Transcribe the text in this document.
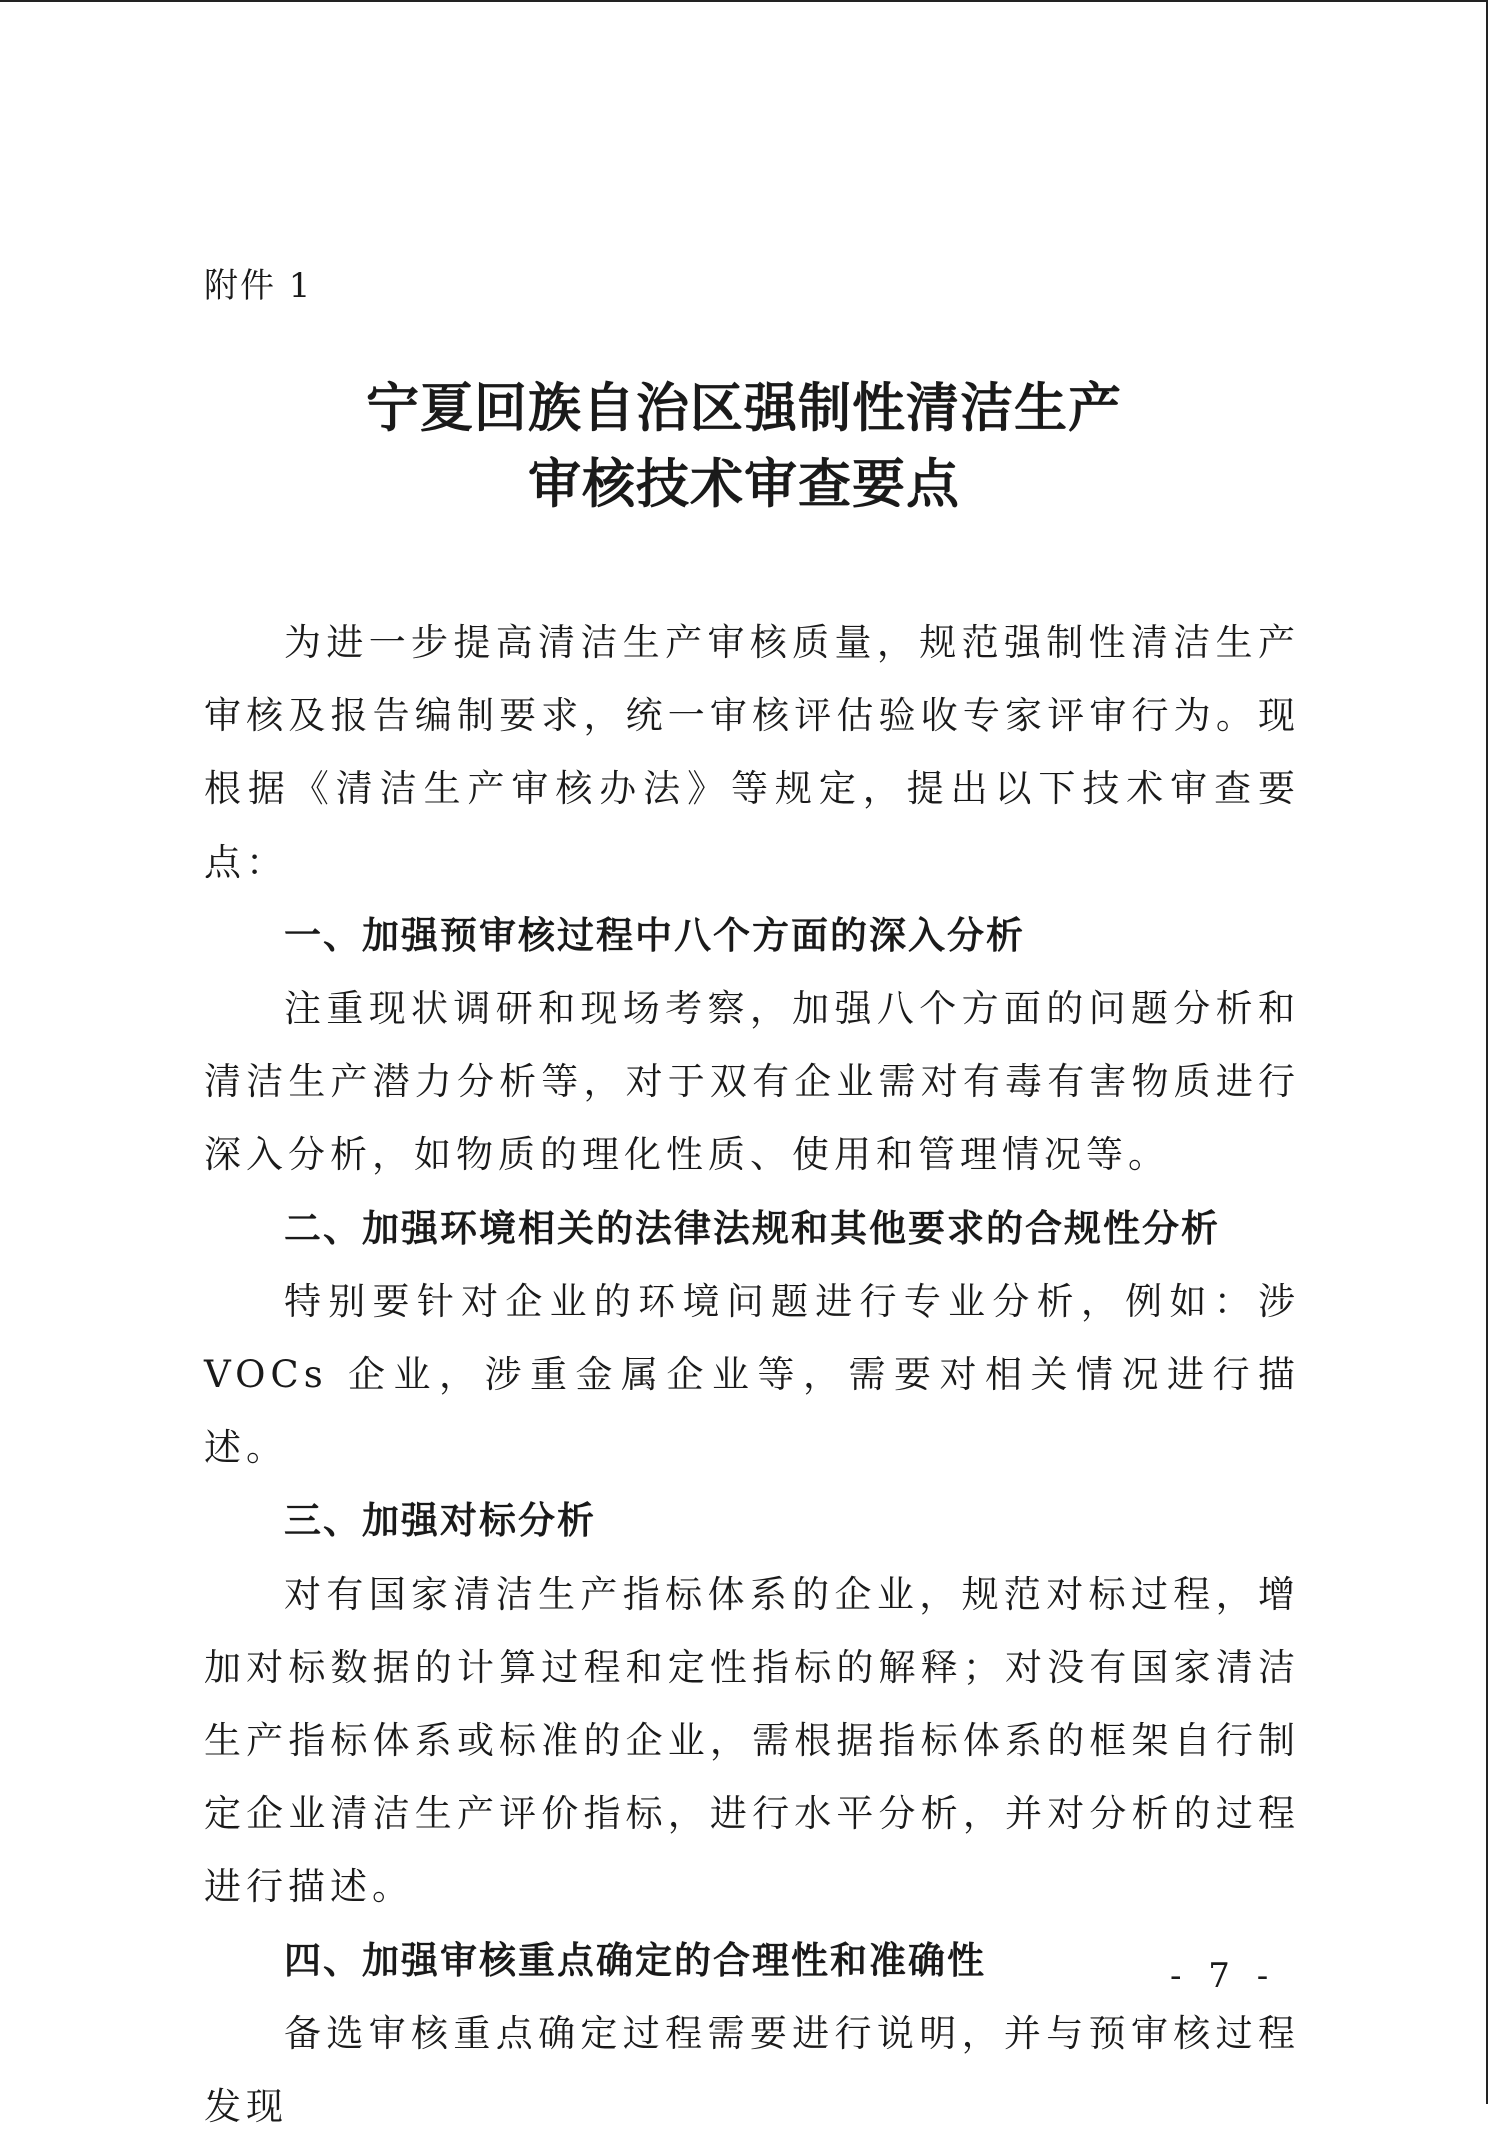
附件 1
宁夏回族自治区强制性清洁生产
审核技术审查要点

为进一步提高清洁生产审核质量，规范强制性清洁生产审核及报告编制要求，统一审核评估验收专家评审行为。现根据《清洁生产审核办法》等规定，提出以下技术审查要点：

一、加强预审核过程中八个方面的深入分析

注重现状调研和现场考察，加强八个方面的问题分析和清洁生产潜力分析等，对于双有企业需对有毒有害物质进行深入分析，如物质的理化性质、使用和管理情况等。

二、加强环境相关的法律法规和其他要求的合规性分析

特别要针对企业的环境问题进行专业分析，例如：涉 VOCs 企业，涉重金属企业等，需要对相关情况进行描述。

三、加强对标分析

对有国家清洁生产指标体系的企业，规范对标过程，增加对标数据的计算过程和定性指标的解释；对没有国家清洁生产指标体系或标准的企业，需根据指标体系的框架自行制定企业清洁生产评价指标，进行水平分析，并对分析的过程进行描述。

四、加强审核重点确定的合理性和准确性

备选审核重点确定过程需要进行说明，并与预审核过程发现

- 7 -
